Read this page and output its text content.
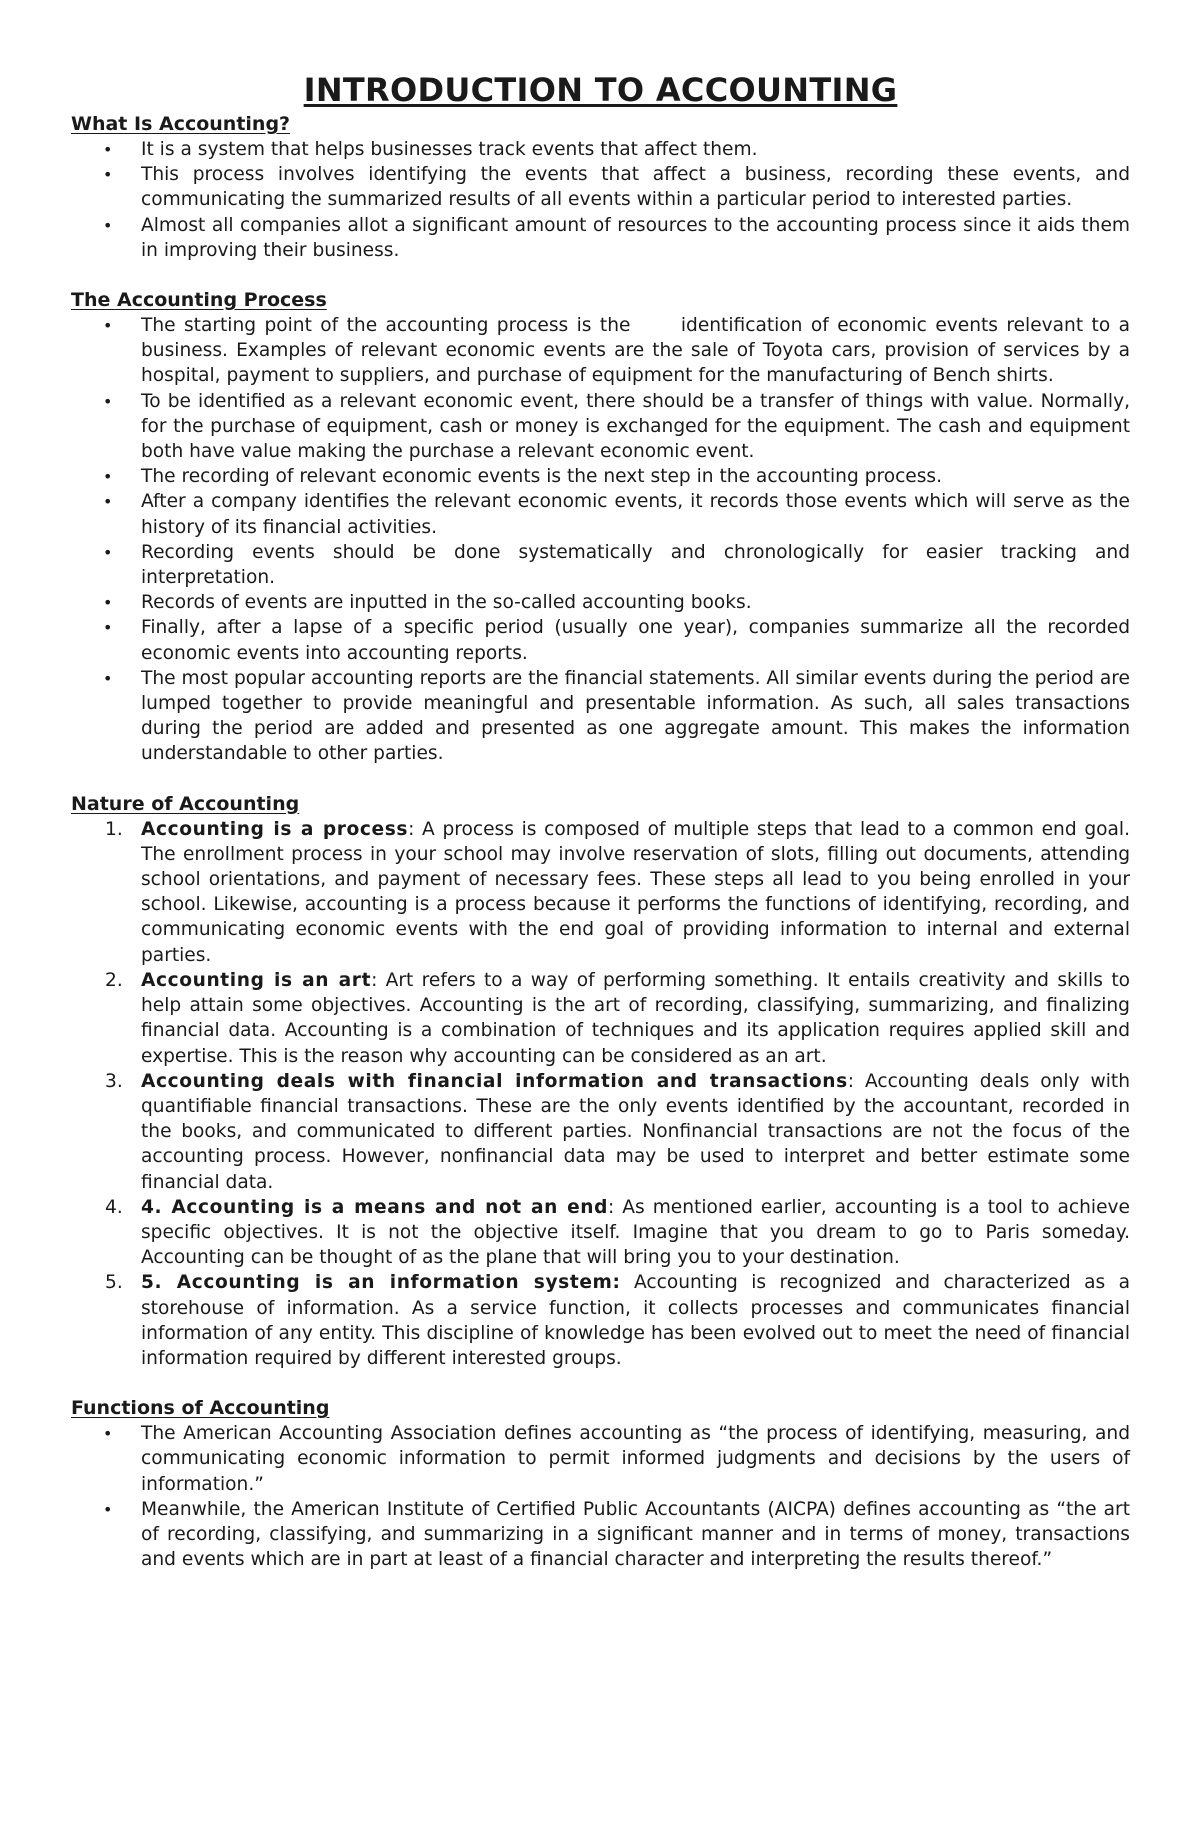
INTRODUCTION TO ACCOUNTING
What Is Accounting?
• It is a system that helps businesses track events that affect them.
• This process involves identifying the events that affect a business, recording these events, and communicating the summarized results of all events within a particular period to interested parties.
• Almost all companies allot a significant amount of resources to the accounting process since it aids them in improving their business.
The Accounting Process
• The starting point of the accounting process is the      identification of economic events relevant to a business. Examples of relevant economic events are the sale of Toyota cars, provision of services by a hospital, payment to suppliers, and purchase of equipment for the manufacturing of Bench shirts.
• To be identified as a relevant economic event, there should be a transfer of things with value. Normally, for the purchase of equipment, cash or money is exchanged for the equipment. The cash and equipment both have value making the purchase a relevant economic event.
• The recording of relevant economic events is the next step in the accounting process.
• After a company identifies the relevant economic events, it records those events which will serve as the history of its financial activities.
• Recording events should be done systematically and chronologically for easier tracking and interpretation.
• Records of events are inputted in the so-called accounting books.
• Finally, after a lapse of a specific period (usually one year), companies summarize all the recorded economic events into accounting reports.
• The most popular accounting reports are the financial statements. All similar events during the period are lumped together to provide meaningful and presentable information. As such, all sales transactions during the period are added and presented as one aggregate amount. This makes the information understandable to other parties.
Nature of Accounting
1. Accounting is a process: A process is composed of multiple steps that lead to a common end goal. The enrollment process in your school may involve reservation of slots, filling out documents, attending school orientations, and payment of necessary fees. These steps all lead to you being enrolled in your school. Likewise, accounting is a process because it performs the functions of identifying, recording, and communicating economic events with the end goal of providing information to internal and external parties.
2. Accounting is an art: Art refers to a way of performing something. It entails creativity and skills to help attain some objectives. Accounting is the art of recording, classifying, summarizing, and finalizing financial data. Accounting is a combination of techniques and its application requires applied skill and expertise. This is the reason why accounting can be considered as an art.
3. Accounting deals with financial information and transactions: Accounting deals only with quantifiable financial transactions. These are the only events identified by the accountant, recorded in the books, and communicated to different parties. Nonfinancial transactions are not the focus of the accounting process. However, nonfinancial data may be used to interpret and better estimate some financial data.
4. 4. Accounting is a means and not an end: As mentioned earlier, accounting is a tool to achieve specific objectives. It is not the objective itself. Imagine that you dream to go to Paris someday. Accounting can be thought of as the plane that will bring you to your destination.
5. 5. Accounting is an information system: Accounting is recognized and characterized as a storehouse of information. As a service function, it collects processes and communicates financial information of any entity. This discipline of knowledge has been evolved out to meet the need of financial information required by different interested groups.
Functions of Accounting
• The American Accounting Association defines accounting as “the process of identifying, measuring, and communicating economic information to permit informed judgments and decisions by the users of information.”
• Meanwhile, the American Institute of Certified Public Accountants (AICPA) defines accounting as “the art of recording, classifying, and summarizing in a significant manner and in terms of money, transactions and events which are in part at least of a financial character and interpreting the results thereof.”
